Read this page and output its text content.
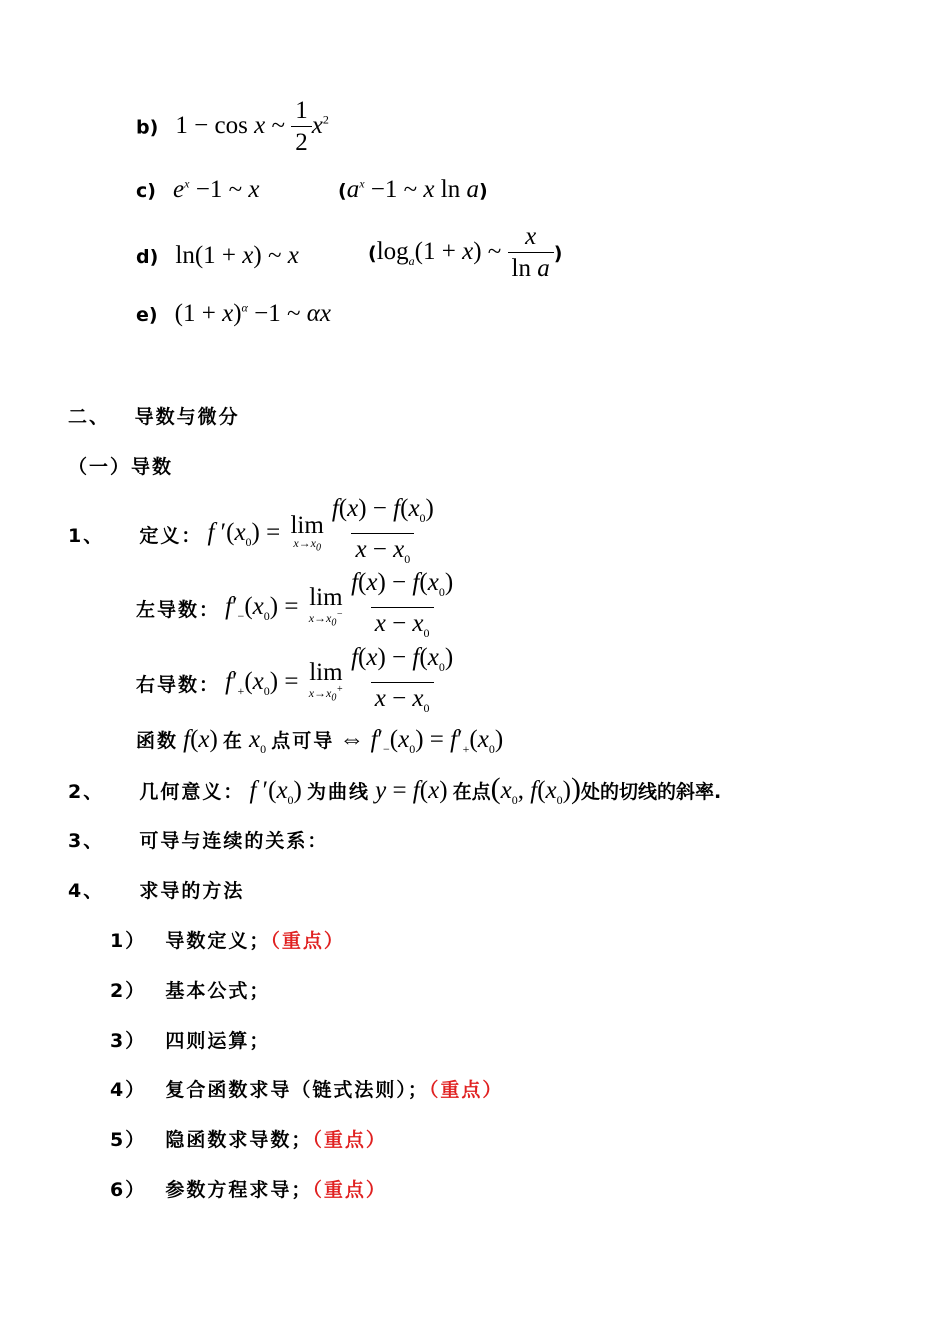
b) 1 − cos x ~ $\frac{1}{2} x^2$
c) $e^x -1$ ~ x	($a^x -1$ ~ x ln a)
d) ln(1 + x) ~ x	($\log_a(1 + x)$ ~ $\frac{x}{\text{ln a}}$ )
e) $(1 + x)^\alpha -1$ ~ αx
二、 导数与微分
（一）导数
1、 定义： f $'(x_0) = \lim$
$x\to x_0 \frac{f(x) - f(x_0)}{x - x_0}$
左导数： $f'_-(x_0) = \lim$
$x\to x_0^- \frac{f(x) - f(x_0)}{x - x_0}$
右导数： $f'_+(x_0) = \lim$
$x\to x_0^+ \frac{f(x) - f(x_0)}{x - x_0}$
函数 f(x) 在 $x_0$ 点可导 ⇔ $f'_-(x_0) = f'_+(x_0)$
2、 几何意义： f $'(x_0)$ 为曲线 y = f(x) 在点($x_0$, $f(x_0)$)处的切线的斜率.
3、 可导与连续的关系：
4、 求导的方法
1） 导数定义；（重点）
2） 基本公式；
3） 四则运算；
4） 复合函数求导（链式法则）；（重点）
5） 隐函数求导数；（重点）
6） 参数方程求导；（重点）
